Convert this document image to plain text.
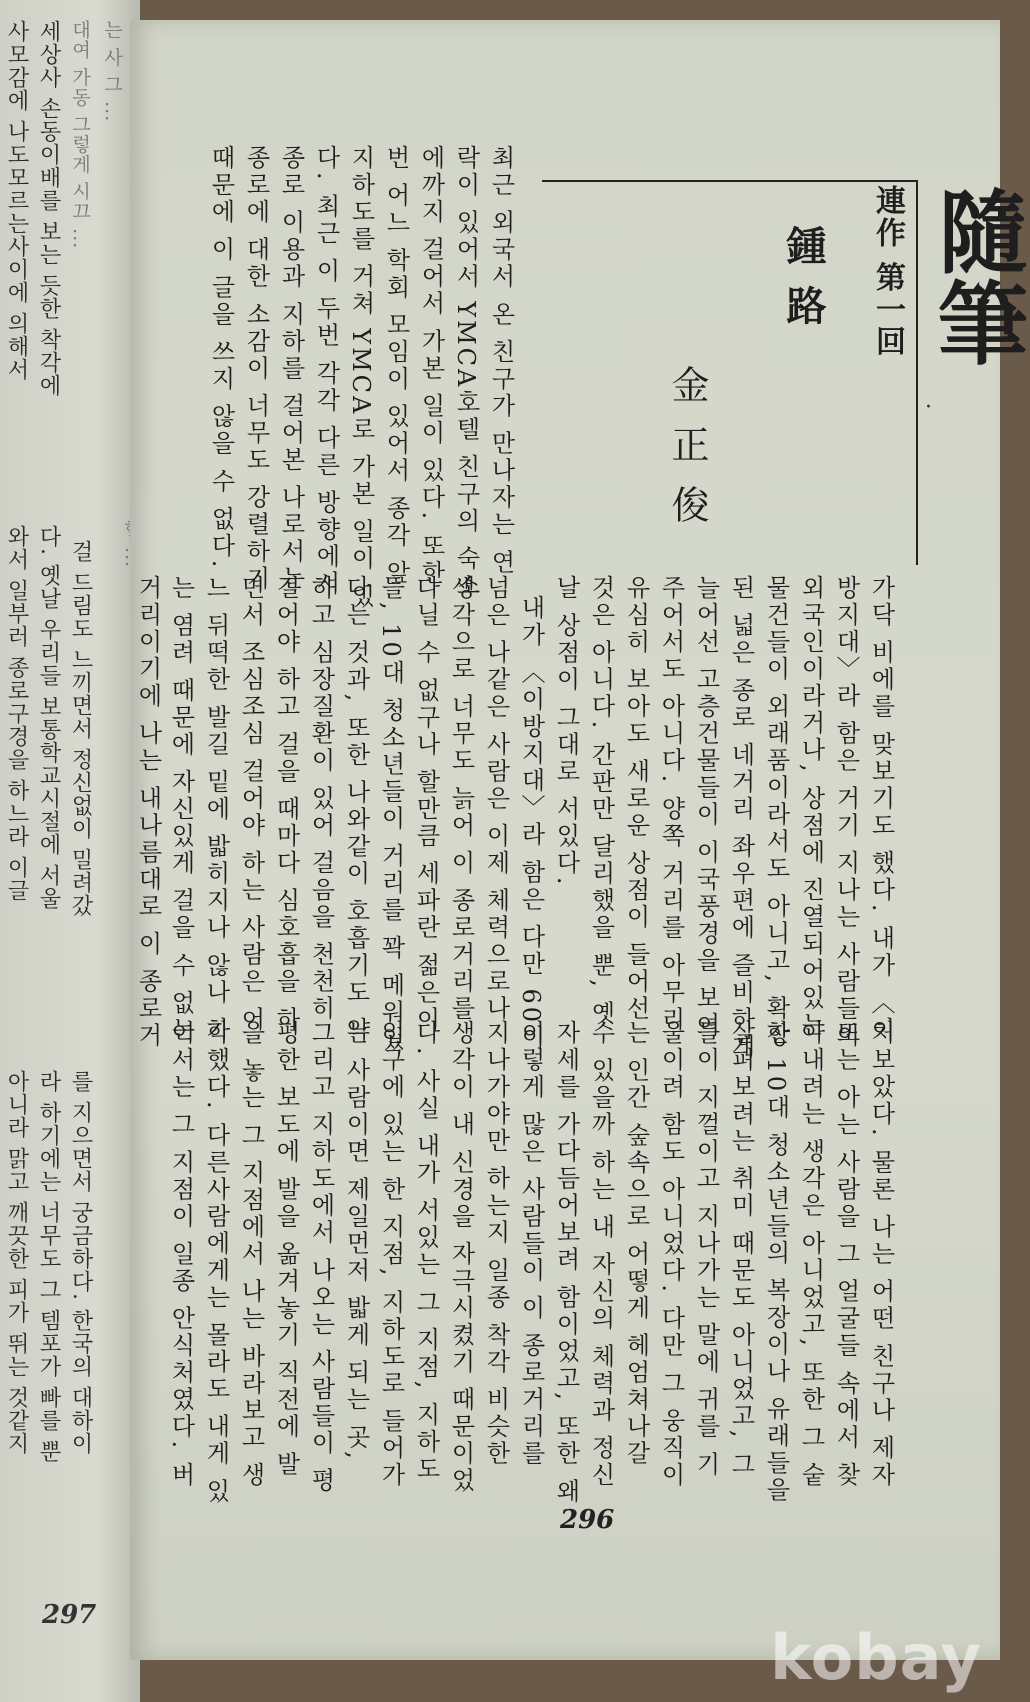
사모감에 나도모르는사이에 의해서 세상사 손동이배를 보는 듯한 착각에 대여 가동 그렇게 시끄 ... 는 사 그 ...
와서 일부러 종로구경을 하느라 이글 다. 옛날 우리들 보통학교시절에 서울 걸 드림도 느끼면서 정신없이 밀려갔
아니라 맑고 깨끗한 피가 뛰는 것같지 라 하기에는 너무도 그 템포가 빠를 뿐 를 지으면서 궁금하다. 한국의 대하이
297
隨筆
·
連作 第一回
鍾路
金正俊
최근 외국서 온 친구가 만나자는 연
락이 있어서 YMCA호텔 친구의 숙소
에까지 걸어서 가본 일이 있다. 또한
번 어느 학회 모임이 있어서 종각 앞
지하도를 거쳐 YMCA로 가본 일이 있
다. 최근 이 두번 각각 다른 방향에서
종로 이용과 지하를 걸어본 나로서는
종로에 대한 소감이 너무도 강렬하기
때문에 이 글을 쓰지 않을 수 없다.
가닥 비에를 맞보기도 했다. 내가 〈이
방지대〉라 함은 거기 지나는 사람들이
외국인이라거나, 상점에 진열되어있는
물건들이 외래품이라서도 아니고, 확장
된 넓은 종로 네거리 좌우편에 즐비하게
늘어선 고층건물들이 이국풍경을 보여
주어서도 아니다. 양쪽 거리를 아무리
유심히 보아도 새로운 상점이 들어선
것은 아니다. 간판만 달리했을 뿐, 옛
날 상점이 그대로 서있다.
내가 〈이방지대〉라 함은 다만 60이
넘은 나같은 사람은 이제 체력으로나
생각으로 너무도 늙어 이 종로거리를
다닐 수 없구나 할만큼 세파란 젊은이
들, 10대 청소년들이 거리를 꽉 메워있
다는 것과, 또한 나와같이 호흡기도 약
하고 심장질환이 있어 걸음을 천천히
걸어야 하고 걸을 때마다 심호흡을 하
면서 조심조심 걸어야 하는 사람은 어
느 뒤떡한 발길 밑에 밟히지나 않나 하
는 염려 때문에 자신있게 걸을 수 없는
거리이기에 나는 내나름대로 이 종로거
처보았다. 물론 나는 어떤 친구나 제자
또는 아는 사람을 그 얼굴들 속에서 찾
아내려는 생각은 아니었고, 또한 그 숱
한 10대 청소년들의 복장이나 유래들을
살펴보려는 취미 때문도 아니었고, 그
들이 지껄이고 지나가는 말에 귀를 기
울이려 함도 아니었다. 다만 그 웅직이
는 인간 숲속으로 어떻게 헤엄쳐나갈
수 있을까 하는 내 자신의 체력과 정신
자세를 가다듬어보려 함이었고, 또한 왜
이렇게 많은 사람들이 이 종로거리를
지나가야만 하는지 일종 착각 비슷한
생각이 내 신경을 자극시켰기 때문이었
다. 사실 내가 서있는 그 지점, 지하도
입구에 있는 한 지점, 지하도로 들어가
는 사람이면 제일먼저 밟게 되는 곳,
그리고 지하도에서 나오는 사람들이 평
평한 보도에 발을 옮겨놓기 직전에 발
을 놓는 그 지점에서 나는 바라보고 생
각했다. 다른사람에게는 몰라도 내게 있
어서는 그 지점이 일종 안식처였다. 버
296
kobay
